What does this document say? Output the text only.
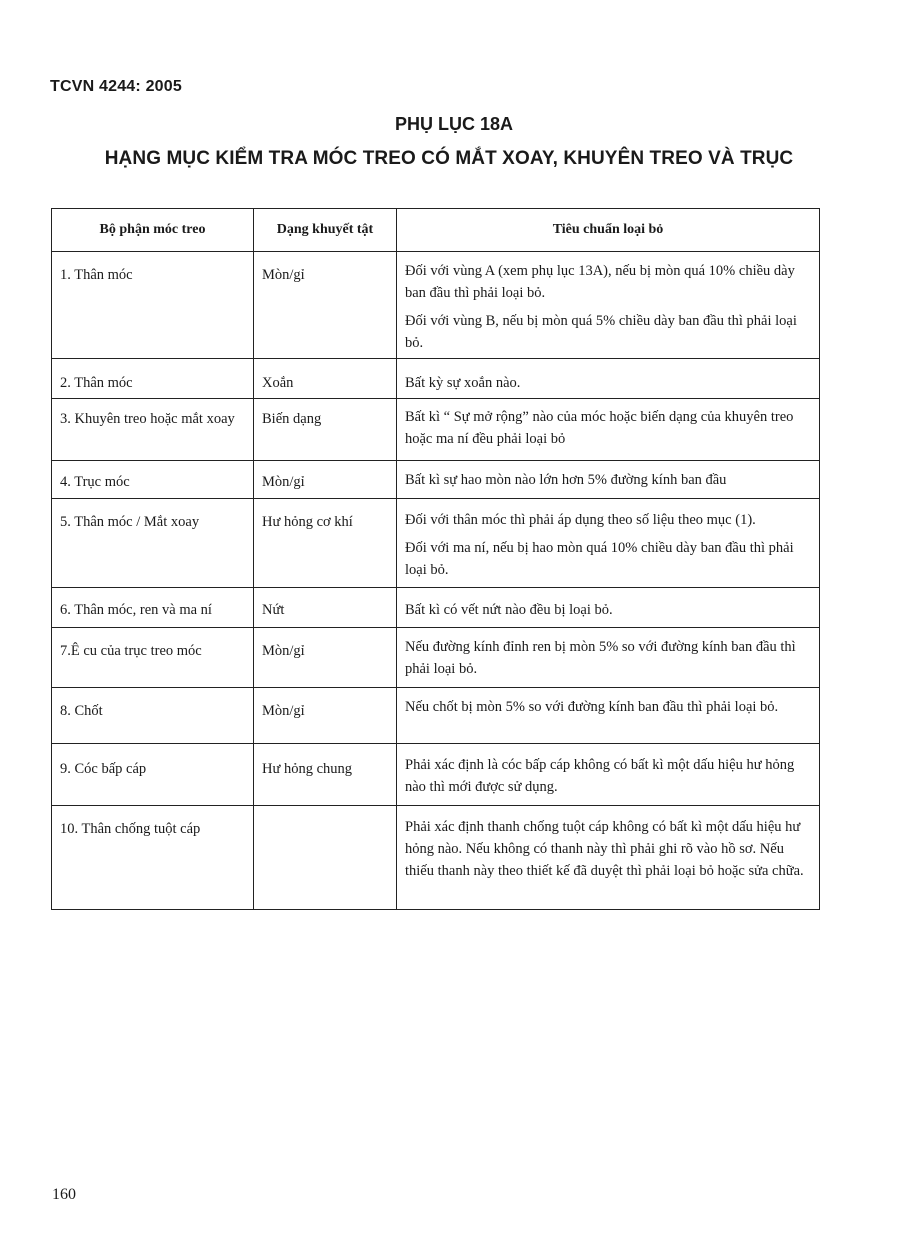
TCVN 4244: 2005
PHỤ LỤC 18A
HẠNG MỤC KIỂM TRA MÓC TREO CÓ MẮT XOAY, KHUYÊN TREO VÀ TRỤC
Bộ phận móc treo	Dạng khuyết tật	Tiêu chuẩn loại bỏ
1. Thân móc	Mòn/gỉ	Đối với vùng A (xem phụ lục 13A), nếu bị mòn quá 10% chiều dày ban đầu thì phải loại bỏ.

Đối với vùng B, nếu bị mòn quá 5% chiều dày ban đầu thì phải loại bỏ.

2. Thân móc	Xoắn	Bất kỳ sự xoắn nào.

3. Khuyên treo hoặc mắt xoay	Biến dạng	Bất kì “ Sự mở rộng” nào của móc hoặc biến dạng của khuyên treo hoặc ma ní đều phải loại bỏ

4. Trục móc	Mòn/gỉ	Bất kì sự hao mòn nào lớn hơn 5% đường kính ban đầu

5. Thân móc / Mắt xoay	Hư hỏng cơ khí	Đối với thân móc thì phải áp dụng theo số liệu theo mục (1).

Đối với ma ní, nếu bị hao mòn quá 10% chiều dày ban đầu thì phải loại bỏ.

6. Thân móc, ren và ma ní	Nứt	Bất kì có vết nứt nào đều bị loại bỏ.

7.Ê cu của trục treo móc	Mòn/gỉ	Nếu đường kính đỉnh ren bị mòn 5% so với đường kính ban đầu thì phải loại bỏ.

8. Chốt	Mòn/gỉ	Nếu chốt bị mòn 5% so với đường kính ban đầu thì phải loại bỏ.

9. Cóc bấp cáp	Hư hỏng chung	Phải xác định là cóc bấp cáp không có bất kì một dấu hiệu hư hỏng nào thì mới được sử dụng.

10. Thân chống tuột cáp		Phải xác định thanh chống tuột cáp không có bất kì một dấu hiệu hư hỏng nào. Nếu không có thanh này thì phải ghi rõ vào hồ sơ. Nếu thiếu thanh này theo thiết kế đã duyệt thì phải loại bỏ hoặc sửa chữa.

160
